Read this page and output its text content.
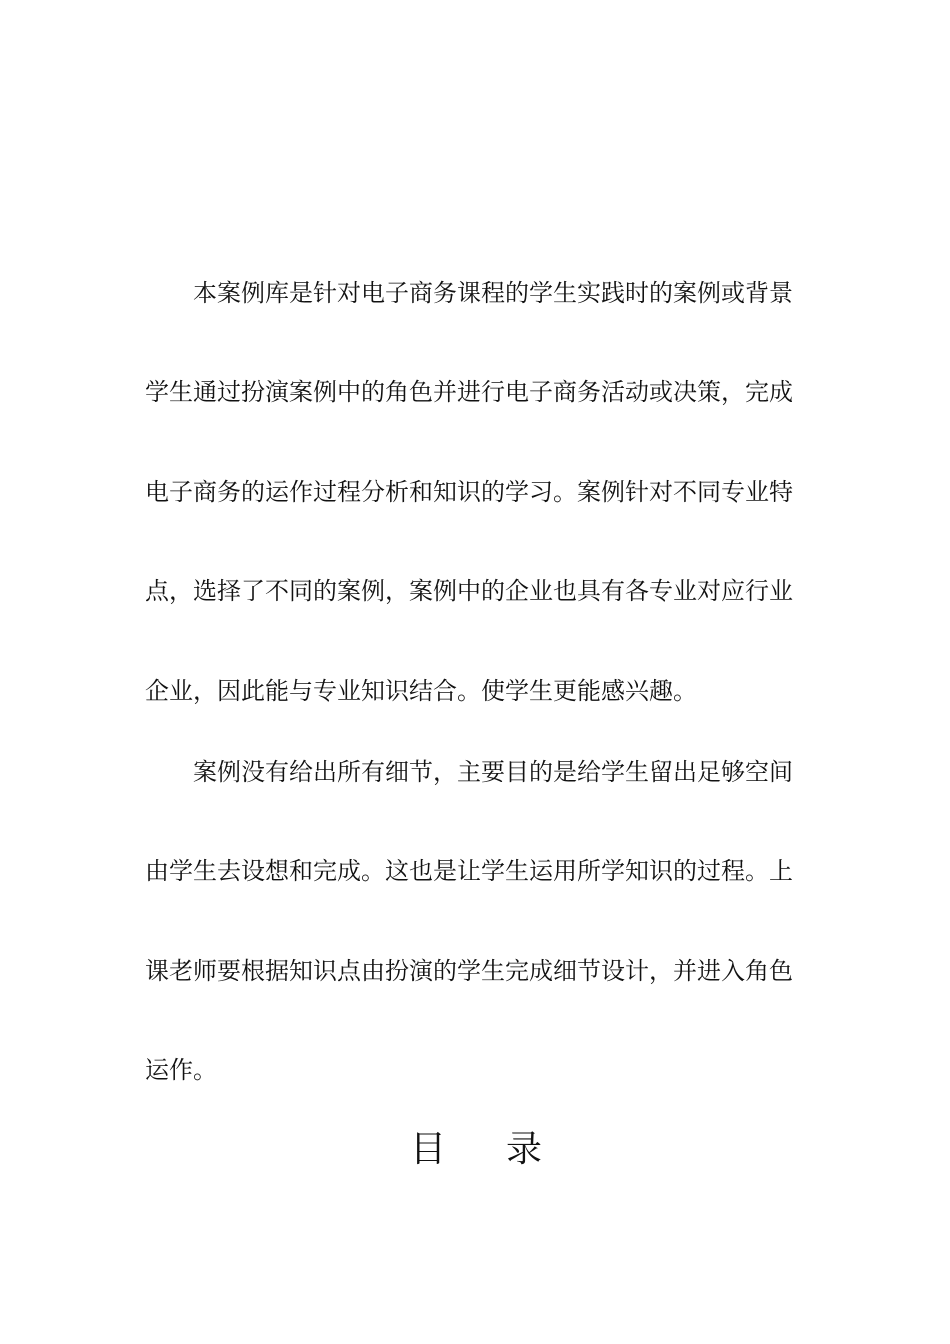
本案例库是针对电子商务课程的学生实践时的案例或背景
学生通过扮演案例中的角色并进行电子商务活动或决策，完成
电子商务的运作过程分析和知识的学习。案例针对不同专业特
点，选择了不同的案例，案例中的企业也具有各专业对应行业
企业，因此能与专业知识结合。使学生更能感兴趣。
案例没有给出所有细节，主要目的是给学生留出足够空间
由学生去设想和完成。这也是让学生运用所学知识的过程。上
课老师要根据知识点由扮演的学生完成细节设计，并进入角色
运作。
目 录
